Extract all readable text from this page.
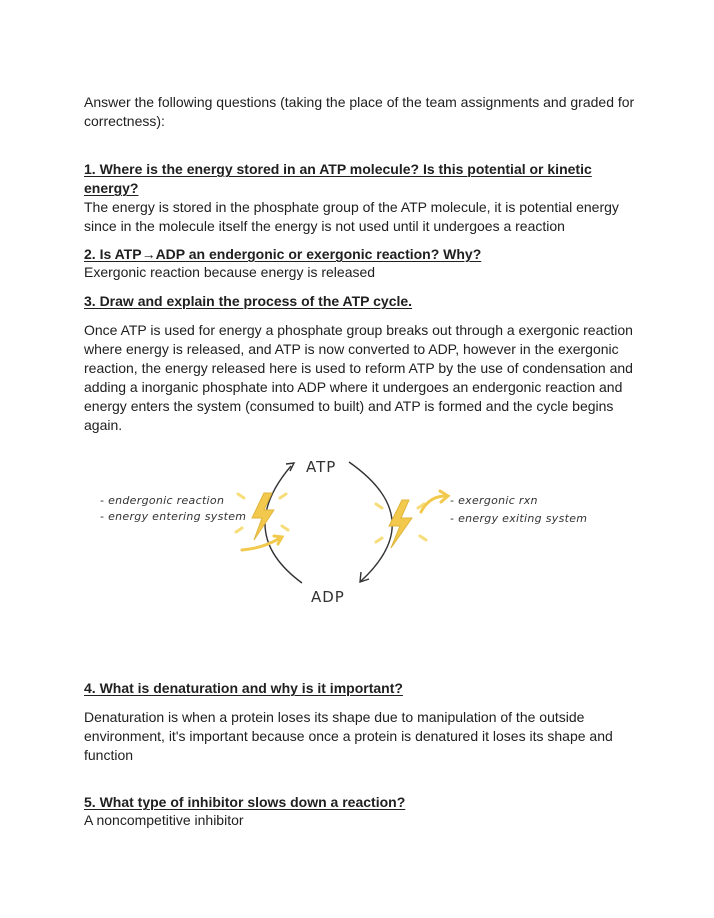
Answer the following questions (taking the place of the team assignments and graded for correctness):

1. Where is the energy stored in an ATP molecule? Is this potential or kinetic energy?

The energy is stored in the phosphate group of the ATP molecule, it is potential energy since in the molecule itself the energy is not used until it undergoes a reaction

2. Is ATP→ADP an endergonic or exergonic reaction? Why?

Exergonic reaction because energy is released

3. Draw and explain the process of the ATP cycle.

Once ATP is used for energy a phosphate group breaks out through a exergonic reaction where energy is released, and ATP is now converted to ADP, however in the exergonic reaction, the energy released here is used to reform ATP by the use of condensation and adding a inorganic phosphate into ADP where it undergoes an endergonic reaction and energy enters the system (consumed to built) and ATP is formed and the cycle begins again.

ATP
ADP
- endergonic reaction
- energy entering system
- exergonic rxn
- energy exiting system

4. What is denaturation and why is it important?

Denaturation is when a protein loses its shape due to manipulation of the outside environment, it's important because once a protein is denatured it loses its shape and function

5. What type of inhibitor slows down a reaction?

A noncompetitive inhibitor
